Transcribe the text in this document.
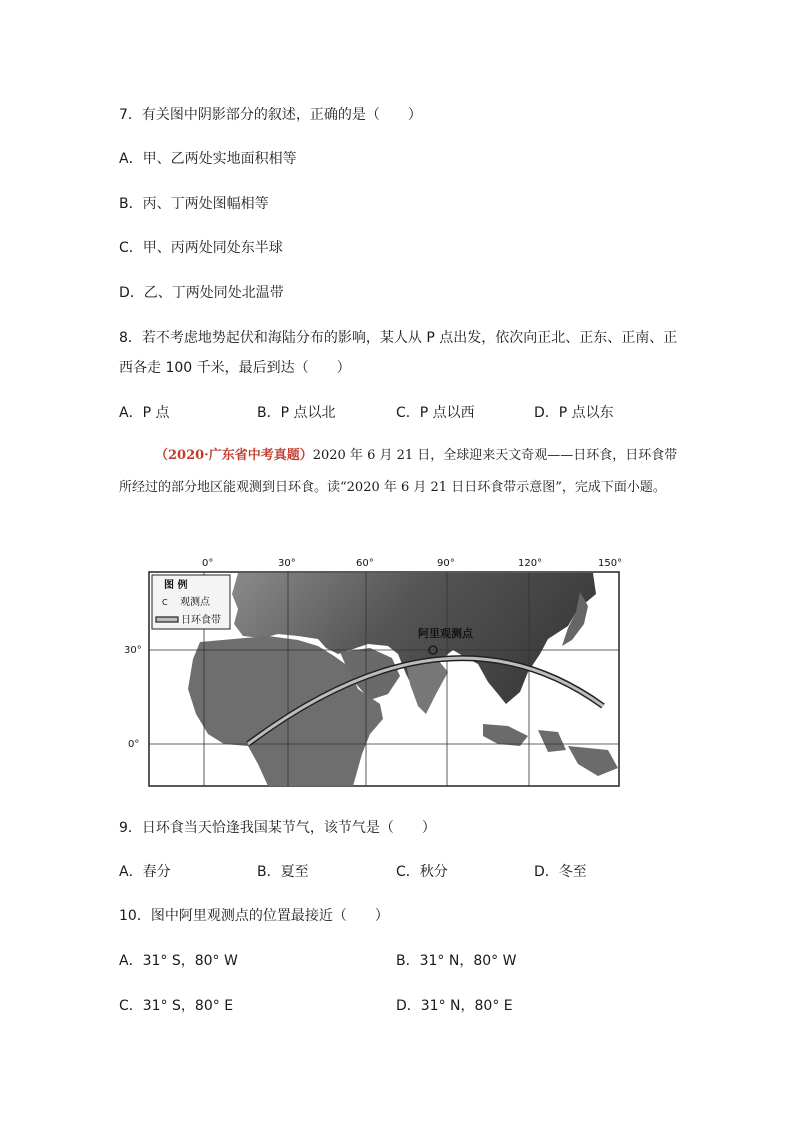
7．有关图中阴影部分的叙述，正确的是（　　）
A．甲、乙两处实地面积相等
B．丙、丁两处图幅相等
C．甲、丙两处同处东半球
D．乙、丁两处同处北温带
8．若不考虑地势起伏和海陆分布的影响，某人从 P 点出发，依次向正北、正东、正南、正
西各走 100 千米，最后到达（　　）
A．P 点	B．P 点以北	C．P 点以西	D．P 点以东
（2020·广东省中考真题）2020 年 6 月 21 日，全球迎来天文奇观——日环食，日环食带所经过的部分地区能观测到日环食。读“2020 年 6 月 21 日日环食带示意图”，完成下面小题。
0°	30°	60°	90°	120°	150°
阿里观测点
图 例
C 观测点
日环食带
30°
0°
9．日环食当天恰逢我国某节气，该节气是（　　）
A．春分	B．夏至	C．秋分	D．冬至
10．图中阿里观测点的位置最接近（　　）
A．31° S，80° W	B．31° N，80° W
C．31° S，80° E	D．31° N，80° E
